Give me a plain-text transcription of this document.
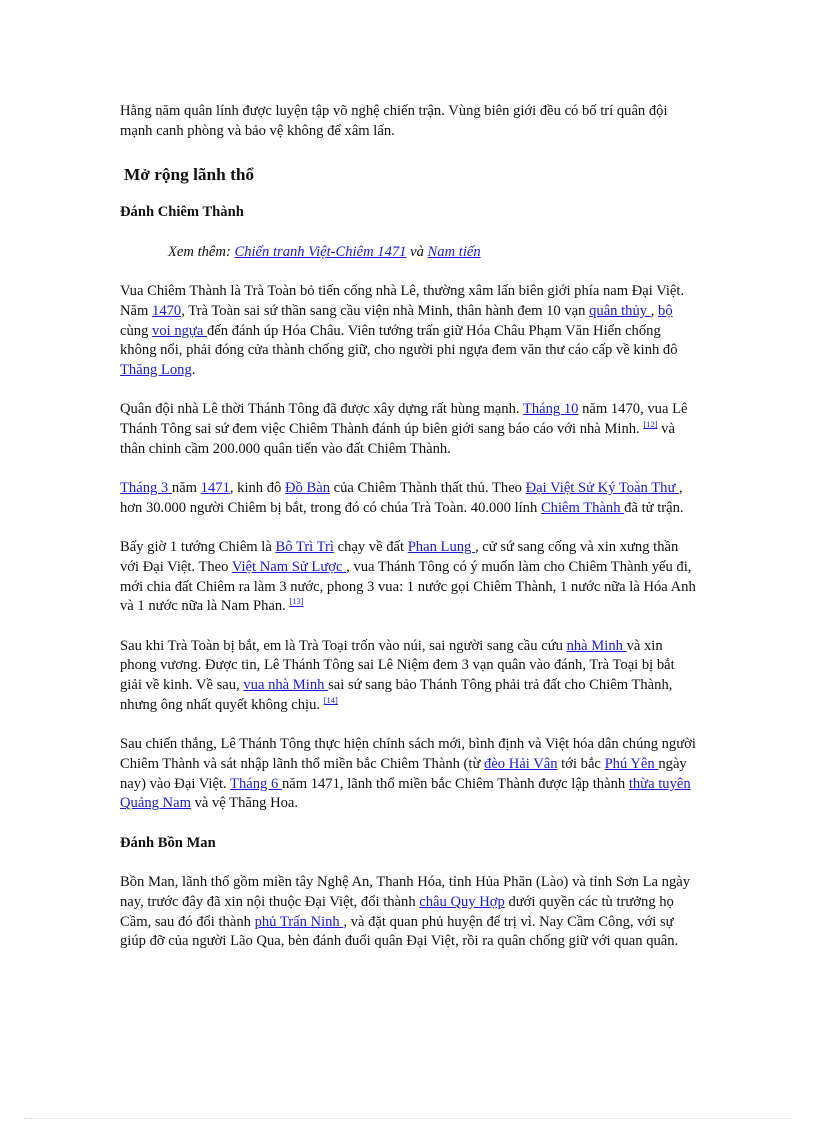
Hằng năm quân lính được luyện tập võ nghệ chiến trận. Vùng biên giới đều có bố trí quân đội mạnh canh phòng và bảo vệ không để xâm lấn.

Mở rộng lãnh thổ
Đánh Chiêm Thành

Xem thêm: Chiến tranh Việt-Chiêm 1471 và Nam tiến

Vua Chiêm Thành là Trà Toàn bỏ tiến cống nhà Lê, thường xâm lấn biên giới phía nam Đại Việt. Năm 1470, Trà Toàn sai sứ thần sang cầu viện nhà Minh, thân hành đem 10 vạn quân thủy , bộ cùng voi ngựa đến đánh úp Hóa Châu. Viên tướng trấn giữ Hóa Châu Phạm Văn Hiển chống không nổi, phải đóng cửa thành chống giữ, cho người phi ngựa đem văn thư cáo cấp về kinh đô Thăng Long.

Quân đội nhà Lê thời Thánh Tông đã được xây dựng rất hùng mạnh. Tháng 10 năm 1470, vua Lê Thánh Tông sai sứ đem việc Chiêm Thành đánh úp biên giới sang báo cáo với nhà Minh. [12] và thân chinh cầm 200.000 quân tiến vào đất Chiêm Thành.

Tháng 3 năm 1471, kinh đô Đồ Bàn của Chiêm Thành thất thủ. Theo Đại Việt Sử Ký Toàn Thư , hơn 30.000 người Chiêm bị bắt, trong đó có chúa Trà Toàn. 40.000 lính Chiêm Thành đã tử trận.

Bấy giờ 1 tướng Chiêm là Bô Trì Trì chạy về đất Phan Lung , cử sứ sang cống và xin xưng thần với Đại Việt. Theo Việt Nam Sử Lược , vua Thánh Tông có ý muốn làm cho Chiêm Thành yếu đi, mới chia đất Chiêm ra làm 3 nước, phong 3 vua: 1 nước gọi Chiêm Thành, 1 nước nữa là Hóa Anh và 1 nước nữa là Nam Phan. [13]

Sau khi Trà Toàn bị bắt, em là Trà Toại trốn vào núi, sai người sang cầu cứu nhà Minh và xin phong vương. Được tin, Lê Thánh Tông sai Lê Niệm đem 3 vạn quân vào đánh, Trà Toại bị bắt giải về kinh. Về sau, vua nhà Minh sai sứ sang bảo Thánh Tông phải trả đất cho Chiêm Thành, nhưng ông nhất quyết không chịu. [14]

Sau chiến thắng, Lê Thánh Tông thực hiện chính sách mới, bình định và Việt hóa dân chúng người Chiêm Thành và sát nhập lãnh thổ miền bắc Chiêm Thành (từ đèo Hải Vân tới bắc Phú Yên ngày nay) vào Đại Việt. Tháng 6 năm 1471, lãnh thổ miền bắc Chiêm Thành được lập thành thừa tuyên Quảng Nam và vệ Thăng Hoa.

Đánh Bồn Man

Bồn Man, lãnh thổ gồm miền tây Nghệ An, Thanh Hóa, tỉnh Hủa Phăn (Lào) và tỉnh Sơn La ngày nay, trước đây đã xin nội thuộc Đại Việt, đổi thành châu Quy Hợp dưới quyền các tù trưởng họ Cầm, sau đó đổi thành phủ Trấn Ninh , và đặt quan phủ huyện để trị vì. Nay Cầm Công, với sự giúp đỡ của người Lão Qua, bèn đánh đuổi quân Đại Việt, rồi ra quân chống giữ với quan quân.
